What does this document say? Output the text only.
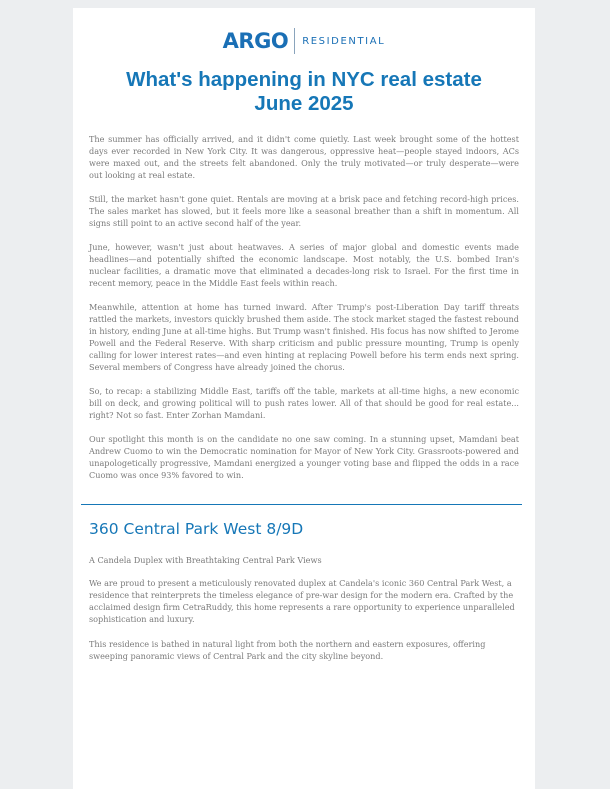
ARGO RESIDENTIAL
What's happening in NYC real estate
June 2025

The summer has officially arrived, and it didn't come quietly. Last week brought some of the hottest days ever recorded in New York City. It was dangerous, oppressive heat—people stayed indoors, ACs were maxed out, and the streets felt abandoned. Only the truly motivated—or truly desperate—were out looking at real estate.

Still, the market hasn't gone quiet. Rentals are moving at a brisk pace and fetching record-high prices. The sales market has slowed, but it feels more like a seasonal breather than a shift in momentum. All signs still point to an active second half of the year.

June, however, wasn't just about heatwaves. A series of major global and domestic events made headlines—and potentially shifted the economic landscape. Most notably, the U.S. bombed Iran's nuclear facilities, a dramatic move that eliminated a decades-long risk to Israel. For the first time in recent memory, peace in the Middle East feels within reach.

Meanwhile, attention at home has turned inward. After Trump's post-Liberation Day tariff threats rattled the markets, investors quickly brushed them aside. The stock market staged the fastest rebound in history, ending June at all-time highs. But Trump wasn't finished. His focus has now shifted to Jerome Powell and the Federal Reserve. With sharp criticism and public pressure mounting, Trump is openly calling for lower interest rates—and even hinting at replacing Powell before his term ends next spring. Several members of Congress have already joined the chorus.

So, to recap: a stabilizing Middle East, tariffs off the table, markets at all-time highs, a new economic bill on deck, and growing political will to push rates lower. All of that should be good for real estate... right? Not so fast. Enter Zorhan Mamdani.

Our spotlight this month is on the candidate no one saw coming. In a stunning upset, Mamdani beat Andrew Cuomo to win the Democratic nomination for Mayor of New York City. Grassroots-powered and unapologetically progressive, Mamdani energized a younger voting base and flipped the odds in a race Cuomo was once 93% favored to win.

360 Central Park West 8/9D

A Candela Duplex with Breathtaking Central Park Views

We are proud to present a meticulously renovated duplex at Candela's iconic 360 Central Park West, a residence that reinterprets the timeless elegance of pre-war design for the modern era. Crafted by the acclaimed design firm CetraRuddy, this home represents a rare opportunity to experience unparalleled sophistication and luxury.

This residence is bathed in natural light from both the northern and eastern exposures, offering sweeping panoramic views of Central Park and the city skyline beyond.
